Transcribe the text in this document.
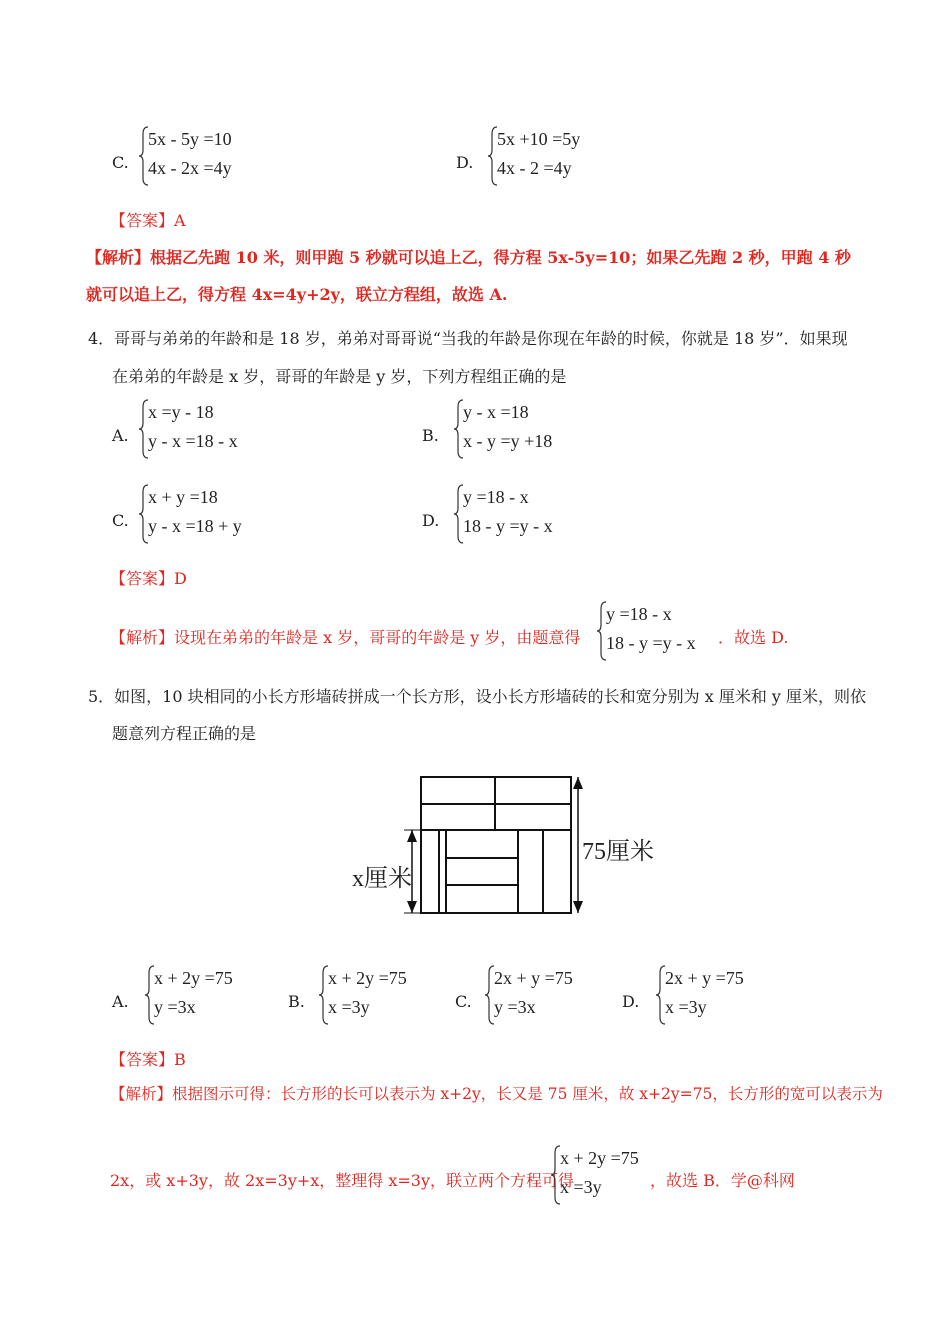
C.
5x - 5y =10
4x - 2x =4y	D.
5x +10 =5y
4x - 2 =4y
【答案】A
【解析】根据乙先跑 10 米，则甲跑 5 秒就可以追上乙，得方程 5x-5y=10；如果乙先跑 2 秒，甲跑 4 秒
就可以追上乙，得方程 4x=4y+2y，联立方程组，故选 A.
4．哥哥与弟弟的年龄和是 18 岁，弟弟对哥哥说“当我的年龄是你现在年龄的时候，你就是 18 岁”．如果现
在弟弟的年龄是 x 岁，哥哥的年龄是 y 岁，下列方程组正确的是
A.
x =y - 18
y - x =18 - x	B.
y - x =18
x - y =y +18
C.
x + y =18
y - x =18 + y	D.
y =18 - x
18 - y =y - x
【答案】D
【解析】设现在弟弟的年龄是 x 岁，哥哥的年龄是 y 岁，由题意得
y =18 - x
18 - y =y - x ．故选 D.
5．如图，10 块相同的小长方形墙砖拼成一个长方形，设小长方形墙砖的长和宽分别为 x 厘米和 y 厘米，则依
题意列方程正确的是
75厘米
x厘米
A.
x + 2y =75
y =3x	B.
x + 2y =75
x =3y	C.
2x + y =75
y =3x	D.
2x + y =75
x =3y
【答案】B
【解析】根据图示可得：长方形的长可以表示为 x+2y，长又是 75 厘米，故 x+2y=75，长方形的宽可以表示为
2x，或 x+3y，故 2x=3y+x，整理得 x=3y，联立两个方程可得
x + 2y =75
x =3y	，故选 B．学@科网
